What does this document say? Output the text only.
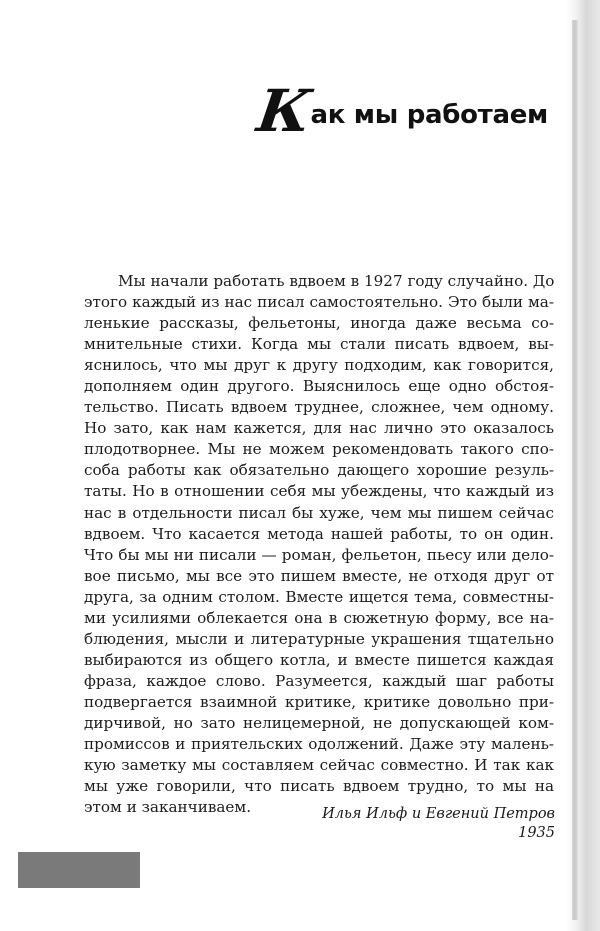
К
ак мы работаем
Мы начали работать вдвоем в 1927 году случайно. До
этого каждый из нас писал самостоятельно. Это были ма-
ленькие рассказы, фельетоны, иногда даже весьма со-
мнительные стихи. Когда мы стали писать вдвоем, вы-
яснилось, что мы друг к другу подходим, как говорится,
дополняем один другого. Выяснилось еще одно обстоя-
тельство. Писать вдвоем труднее, сложнее, чем одному.
Но зато, как нам кажется, для нас лично это оказалось
плодотворнее. Мы не можем рекомендовать такого спо-
соба работы как обязательно дающего хорошие резуль-
таты. Но в отношении себя мы убеждены, что каждый из
нас в отдельности писал бы хуже, чем мы пишем сейчас
вдвоем. Что касается метода нашей работы, то он один.
Что бы мы ни писали — роман, фельетон, пьесу или дело-
вое письмо, мы все это пишем вместе, не отходя друг от
друга, за одним столом. Вместе ищется тема, совместны-
ми усилиями облекается она в сюжетную форму, все на-
блюдения, мысли и литературные украшения тщательно
выбираются из общего котла, и вместе пишется каждая
фраза, каждое слово. Разумеется, каждый шаг работы
подвергается взаимной критике, критике довольно при-
дирчивой, но зато нелицемерной, не допускающей ком-
промиссов и приятельских одолжений. Даже эту малень-
кую заметку мы составляем сейчас совместно. И так как
мы уже говорили, что писать вдвоем трудно, то мы на
этом и заканчиваем.	Илья Ильф и Евгений Петров
1935
